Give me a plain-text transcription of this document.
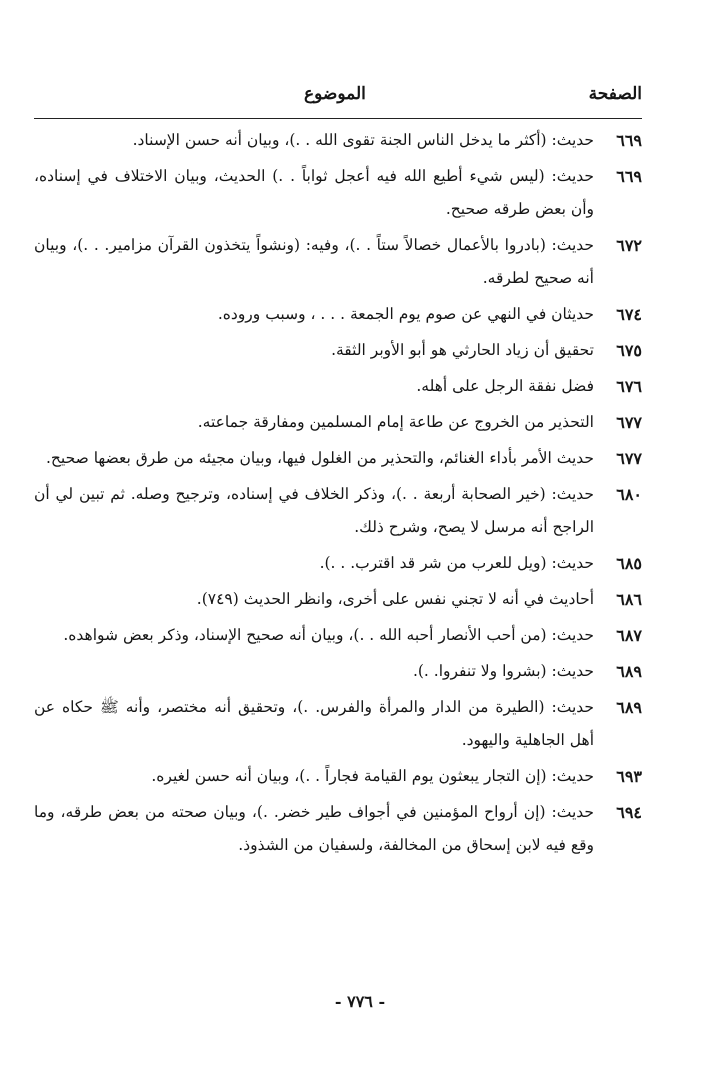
الصفحة
الموضوع
٦٦٩
حديث: (أكثر ما يدخل الناس الجنة تقوى الله . .)، وبيان أنه حسن الإسناد.
٦٦٩
حديث: (ليس شيء أطيع الله فيه أعجل ثواباً . .) الحديث، وبيان الاختلاف في إسناده، وأن بعض طرقه صحيح.
٦٧٢
حديث: (بادروا بالأعمال خصالاً ستاً . .)، وفيه: (ونشواً يتخذون القرآن مزامير. . .)، وبيان أنه صحيح لطرقه.
٦٧٤
حديثان في النهي عن صوم يوم الجمعة . . . ، وسبب وروده.
٦٧٥
تحقيق أن زياد الحارثي هو أبو الأوبر الثقة.
٦٧٦
فضل نفقة الرجل على أهله.
٦٧٧
التحذير من الخروج عن طاعة إمام المسلمين ومفارقة جماعته.
٦٧٧
حديث الأمر بأداء الغنائم، والتحذير من الغلول فيها، وبيان مجيئه من طرق بعضها صحيح.
٦٨٠
حديث: (خير الصحابة أربعة . .)، وذكر الخلاف في إسناده، وترجيح وصله. ثم تبين لي أن الراجح أنه مرسل لا يصح، وشرح ذلك.
٦٨٥
حديث: (ويل للعرب من شر قد اقترب. . .).
٦٨٦
أحاديث في أنه لا تجني نفس على أخرى، وانظر الحديث (٧٤٩).
٦٨٧
حديث: (من أحب الأنصار أحبه الله . .)، وبيان أنه صحيح الإسناد، وذكر بعض شواهده.
٦٨٩
حديث: (بشروا ولا تنفروا. .).
٦٨٩
حديث: (الطيرة من الدار والمرأة والفرس. .)، وتحقيق أنه مختصر، وأنه ﷺ حكاه عن أهل الجاهلية واليهود.
٦٩٣
حديث: (إن التجار يبعثون يوم القيامة فجاراً . .)، وبيان أنه حسن لغيره.
٦٩٤
حديث: (إن أرواح المؤمنين في أجواف طير خضر. .)، وبيان صحته من بعض طرقه، وما وقع فيه لابن إسحاق من المخالفة، ولسفيان من الشذوذ.
- ٧٧٦ -
